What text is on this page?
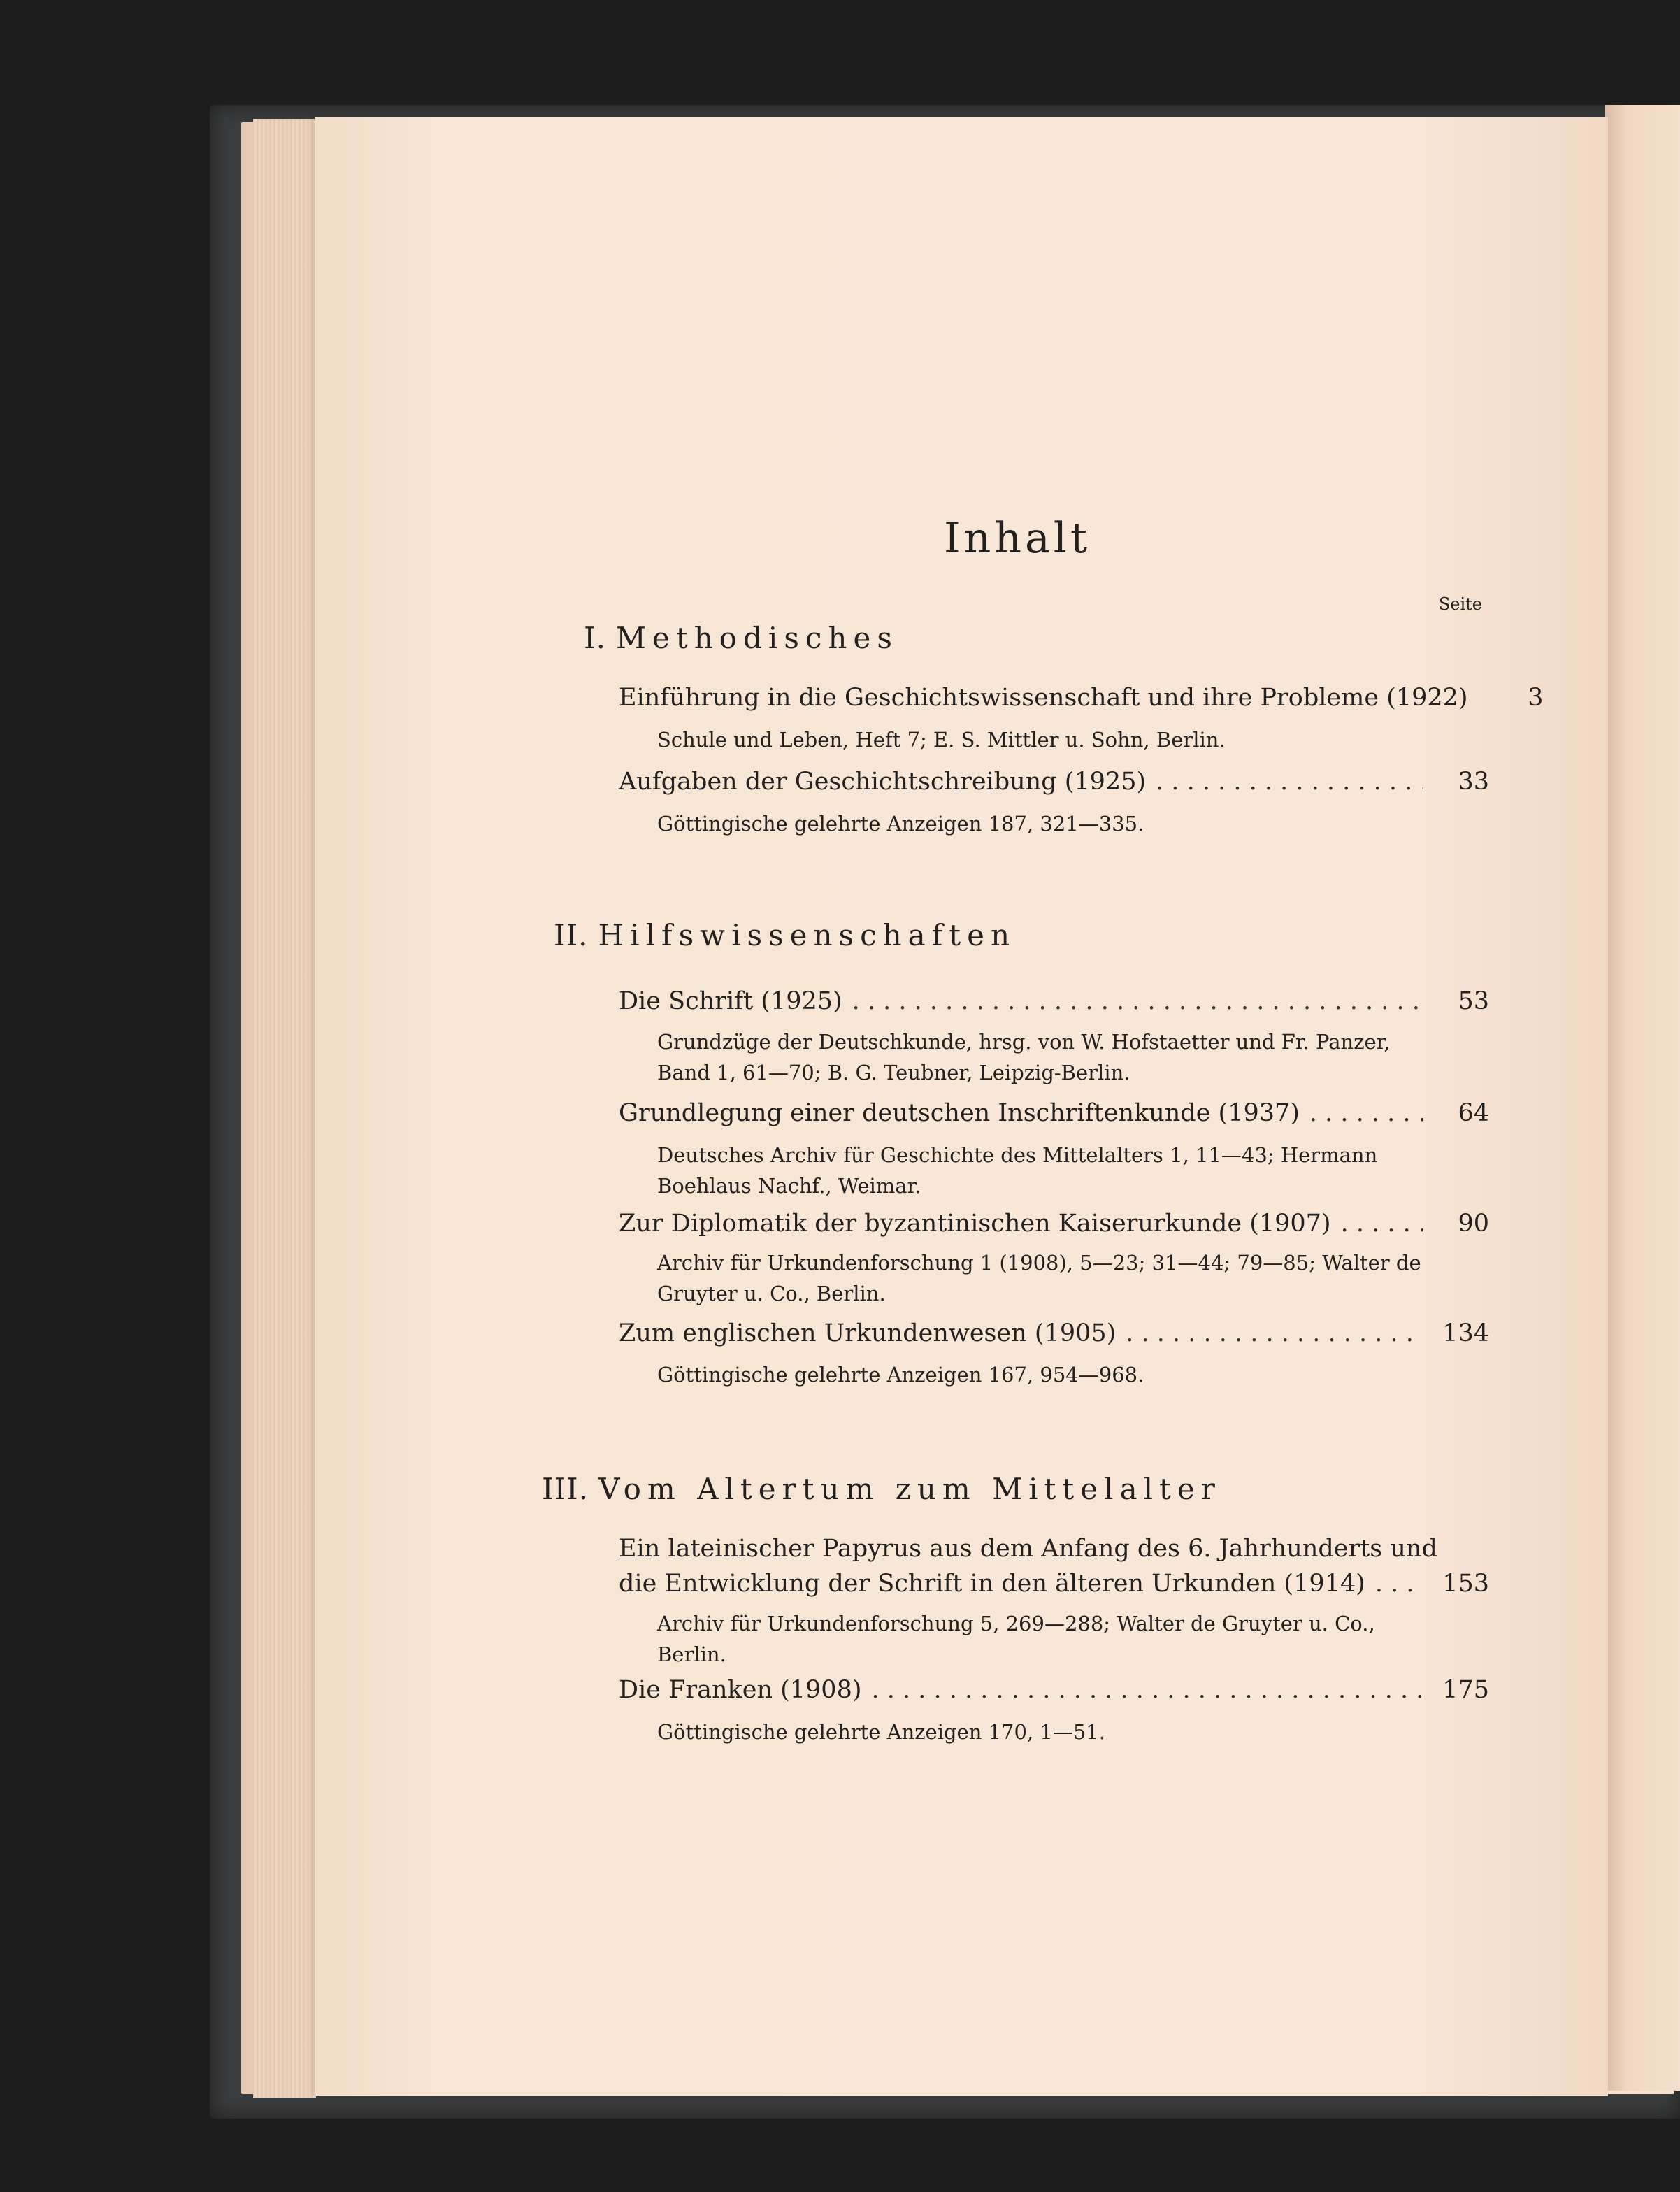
Inhalt
Seite
I. Methodisches
Einführung in die Geschichtswissenschaft und ihre Probleme (1922)	3
Schule und Leben, Heft 7; E. S. Mittler u. Sohn, Berlin.
Aufgaben der Geschichtschreibung (1925) . . .	33
Göttingische gelehrte Anzeigen 187, 321—335.
II. Hilfswissenschaften
Die Schrift (1925) . . .	53
Grundzüge der Deutschkunde, hrsg. von W. Hofstaetter und Fr. Panzer, Band 1, 61—70; B. G. Teubner, Leipzig-Berlin.
Grundlegung einer deutschen Inschriftenkunde (1937) . . .	64
Deutsches Archiv für Geschichte des Mittelalters 1, 11—43; Hermann Boehlaus Nachf., Weimar.
Zur Diplomatik der byzantinischen Kaiserurkunde (1907) . . .	90
Archiv für Urkundenforschung 1 (1908), 5—23; 31—44; 79—85; Walter de Gruyter u. Co., Berlin.
Zum englischen Urkundenwesen (1905) . . .	134
Göttingische gelehrte Anzeigen 167, 954—968.
III. Vom Altertum zum Mittelalter
Ein lateinischer Papyrus aus dem Anfang des 6. Jahrhunderts und
die Entwicklung der Schrift in den älteren Urkunden (1914) . . .	153
Archiv für Urkundenforschung 5, 269—288; Walter de Gruyter u. Co., Berlin.
Die Franken (1908) . . .	175
Göttingische gelehrte Anzeigen 170, 1—51.
